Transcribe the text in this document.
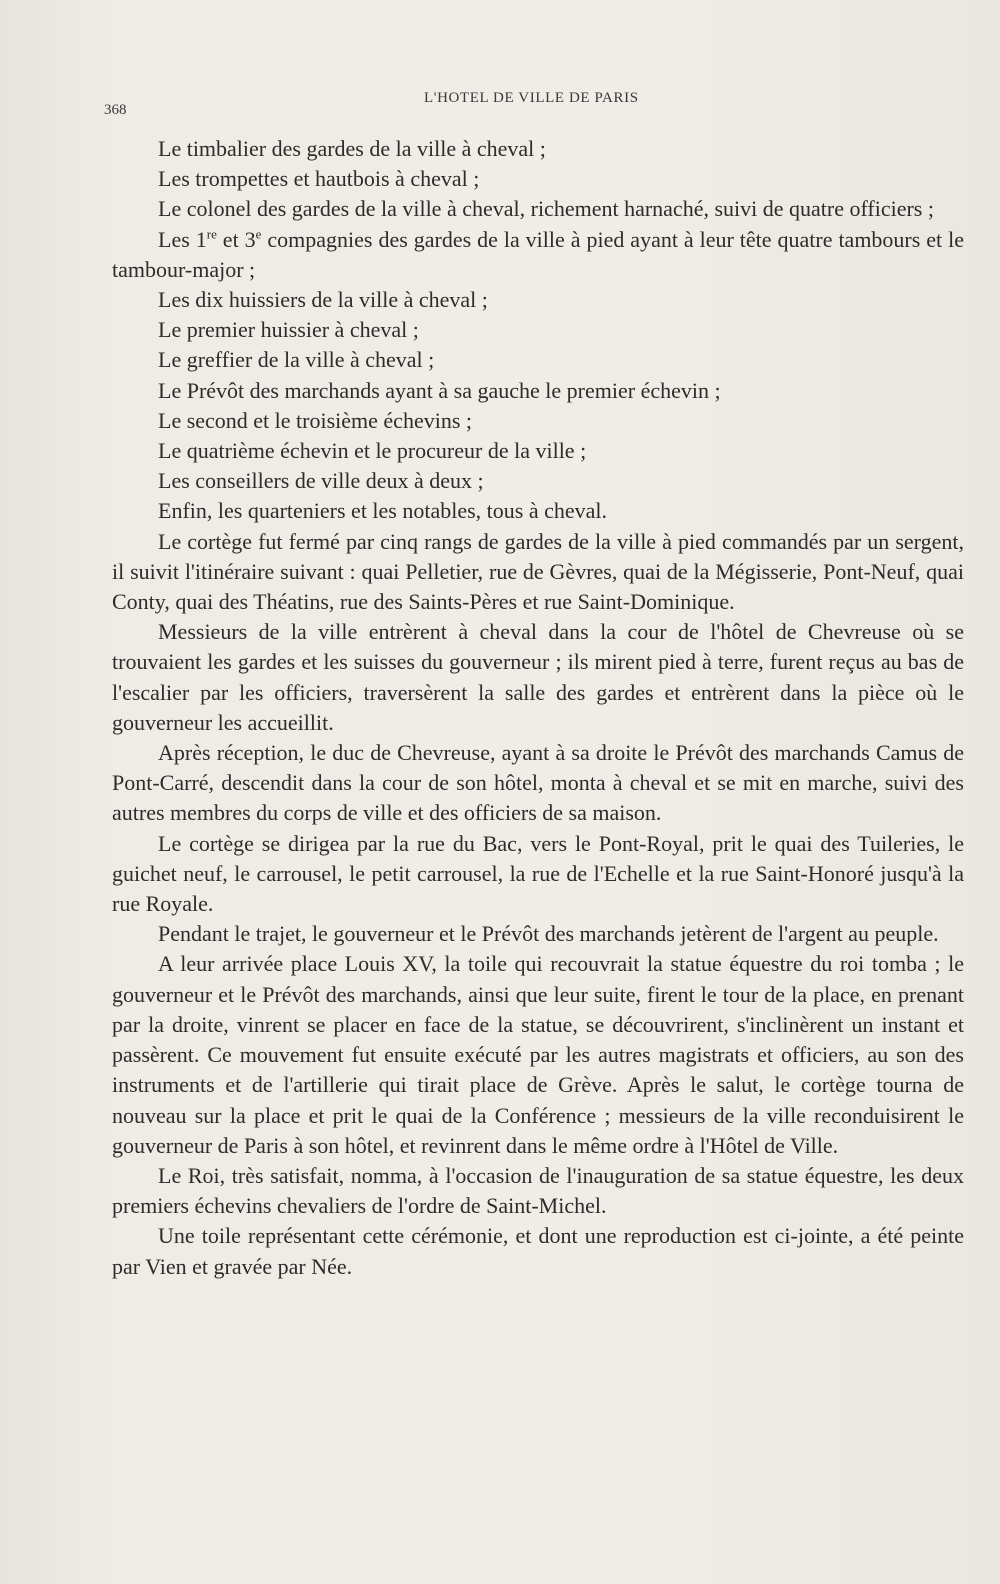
368
L'HOTEL DE VILLE DE PARIS

Le timbalier des gardes de la ville à cheval ;

Les trompettes et hautbois à cheval ;

Le colonel des gardes de la ville à cheval, richement harnaché, suivi de quatre officiers ;

Les 1re et 3e compagnies des gardes de la ville à pied ayant à leur tête quatre tambours et le tambour-major ;

Les dix huissiers de la ville à cheval ;

Le premier huissier à cheval ;

Le greffier de la ville à cheval ;

Le Prévôt des marchands ayant à sa gauche le premier échevin ;

Le second et le troisième échevins ;

Le quatrième échevin et le procureur de la ville ;

Les conseillers de ville deux à deux ;

Enfin, les quarteniers et les notables, tous à cheval.

Le cortège fut fermé par cinq rangs de gardes de la ville à pied commandés par un sergent, il suivit l'itinéraire suivant : quai Pelletier, rue de Gèvres, quai de la Mégisserie, Pont-Neuf, quai Conty, quai des Théatins, rue des Saints-Pères et rue Saint-Dominique.

Messieurs de la ville entrèrent à cheval dans la cour de l'hôtel de Chevreuse où se trouvaient les gardes et les suisses du gouverneur ; ils mirent pied à terre, furent reçus au bas de l'escalier par les officiers, traversèrent la salle des gardes et entrèrent dans la pièce où le gouverneur les accueillit.

Après réception, le duc de Chevreuse, ayant à sa droite le Prévôt des marchands Camus de Pont-Carré, descendit dans la cour de son hôtel, monta à cheval et se mit en marche, suivi des autres membres du corps de ville et des officiers de sa maison.

Le cortège se dirigea par la rue du Bac, vers le Pont-Royal, prit le quai des Tuileries, le guichet neuf, le carrousel, le petit carrousel, la rue de l'Echelle et la rue Saint-Honoré jusqu'à la rue Royale.

Pendant le trajet, le gouverneur et le Prévôt des marchands jetèrent de l'argent au peuple.

A leur arrivée place Louis XV, la toile qui recouvrait la statue équestre du roi tomba ; le gouverneur et le Prévôt des marchands, ainsi que leur suite, firent le tour de la place, en prenant par la droite, vinrent se placer en face de la statue, se découvrirent, s'inclinèrent un instant et passèrent. Ce mouvement fut ensuite exécuté par les autres magistrats et officiers, au son des instruments et de l'artillerie qui tirait place de Grève. Après le salut, le cortège tourna de nouveau sur la place et prit le quai de la Conférence ; messieurs de la ville reconduisirent le gouverneur de Paris à son hôtel, et revinrent dans le même ordre à l'Hôtel de Ville.

Le Roi, très satisfait, nomma, à l'occasion de l'inauguration de sa statue équestre, les deux premiers échevins chevaliers de l'ordre de Saint-Michel.

Une toile représentant cette cérémonie, et dont une reproduction est ci-jointe, a été peinte par Vien et gravée par Née.
